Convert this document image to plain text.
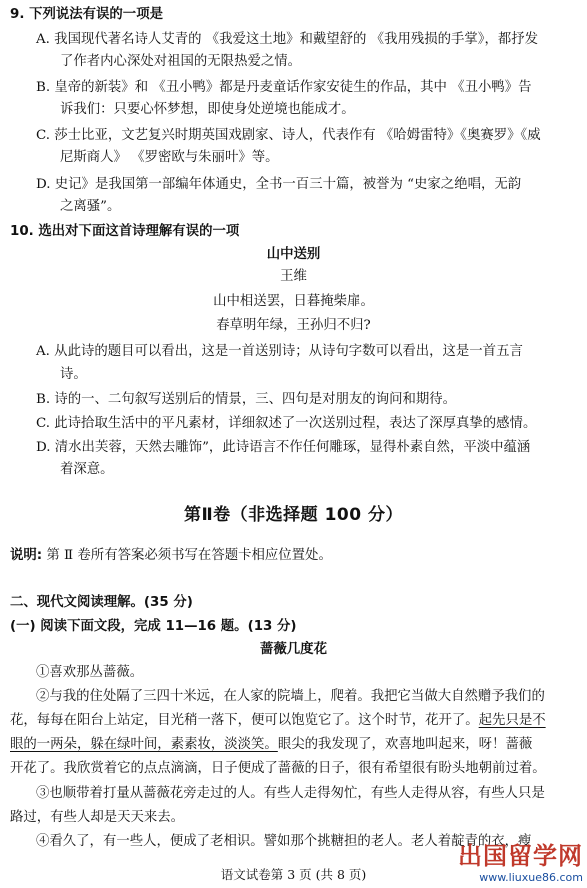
9. 下列说法有误的一项是
A. 我国现代著名诗人艾青的 《我爱这土地》和戴望舒的 《我用残损的手掌》，都抒发
了作者内心深处对祖国的无限热爱之情。
B. 皇帝的新装》和 《丑小鸭》都是丹麦童话作家安徒生的作品，其中 《丑小鸭》告
诉我们：只要心怀梦想，即使身处逆境也能成才。
C. 莎士比亚，文艺复兴时期英国戏剧家、诗人，代表作有 《哈姆雷特》《奥赛罗》《威
尼斯商人》 《罗密欧与朱丽叶》等。
D. 史记》是我国第一部编年体通史，全书一百三十篇，被誉为 “史家之绝唱，无韵
之离骚”。
10. 选出对下面这首诗理解有误的一项
山中送别
王维
山中相送罢，日暮掩柴扉。
春草明年绿，王孙归不归?
A. 从此诗的题目可以看出，这是一首送别诗；从诗句字数可以看出，这是一首五言
诗。
B. 诗的一、二句叙写送别后的情景，三、四句是对朋友的询问和期待。
C. 此诗拾取生活中的平凡素材，详细叙述了一次送别过程，表达了深厚真挚的感情。
D. 清水出芙蓉，天然去雕饰”，此诗语言不作任何雕琢，显得朴素自然，平淡中蕴涵
着深意。
第Ⅱ卷（非选择题 100 分）
说明: 第 Ⅱ 卷所有答案必须书写在答题卡相应位置处。
二、现代文阅读理解。(35 分)
(一) 阅读下面文段，完成 11—16 题。(13 分)
蔷薇几度花
①喜欢那丛蔷薇。
②与我的住处隔了三四十米远，在人家的院墙上，爬着。我把它当做大自然赠予我们的
花，每每在阳台上站定，目光稍一落下，便可以饱览它了。这个时节，花开了。起先只是不
眼的一两朵，躲在绿叶间，素素妆，淡淡笑。眼尖的我发现了，欢喜地叫起来，呀！蔷薇
开花了。我欣赏着它的点点滴滴，日子便成了蔷薇的日子，很有希望很有盼头地朝前过着。
③也顺带着打量从蔷薇花旁走过的人。有些人走得匆忙，有些人走得从容，有些人只是
路过，有些人却是天天来去。
④看久了，有一些人，便成了老相识。譬如那个挑糖担的老人。老人着靛青的衣，瘦
语文试卷第 3 页 (共 8 页)
出国留学网
www.liuxue86.com
